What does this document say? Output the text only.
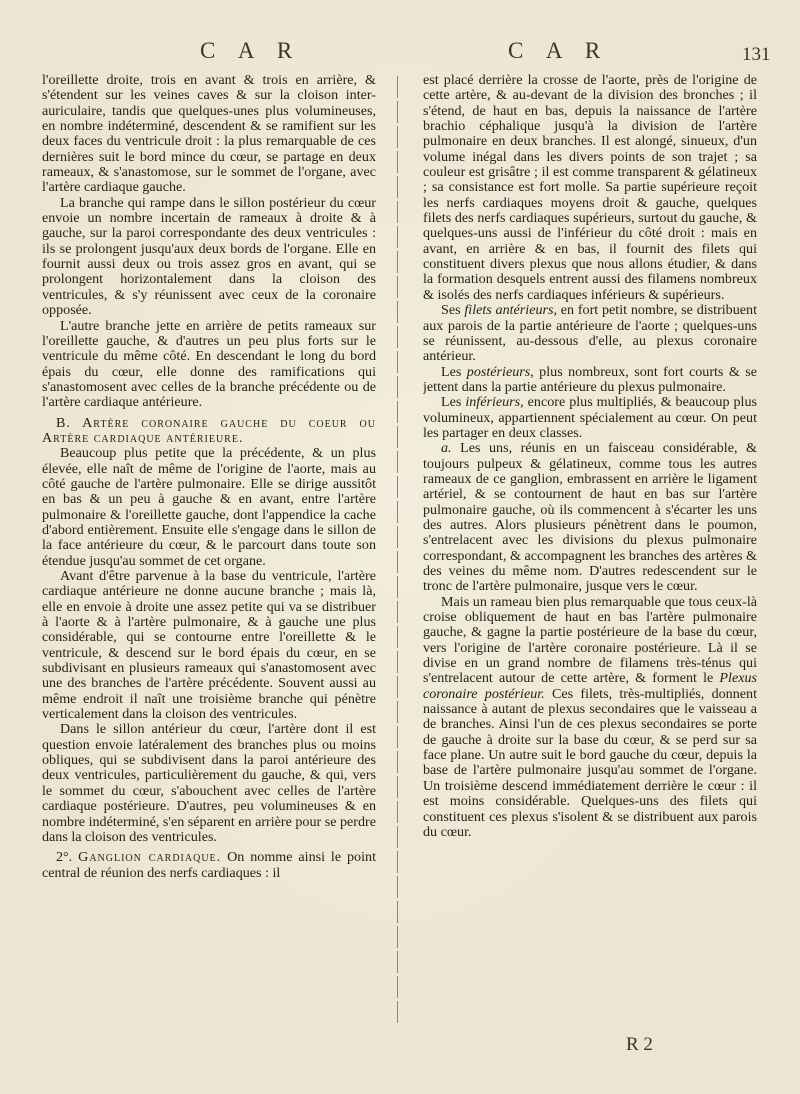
C A R	C A R	131

l'oreillette droite, trois en avant & trois en arrière, & s'étendent sur les veines caves & sur la cloison inter-auriculaire, tandis que quelques-unes plus volumineuses, en nombre indéterminé, descendent & se ramifient sur les deux faces du ventricule droit : la plus remarquable de ces dernières suit le bord mince du cœur, se partage en deux rameaux, & s'anastomose, sur le sommet de l'organe, avec l'artère cardiaque gauche.

La branche qui rampe dans le sillon postérieur du cœur envoie un nombre incertain de rameaux à droite & à gauche, sur la paroi correspondante des deux ventricules : ils se prolongent jusqu'aux deux bords de l'organe. Elle en fournit aussi deux ou trois assez gros en avant, qui se prolongent horizontalement dans la cloison des ventricules, & s'y réunissent avec ceux de la coronaire opposée.

L'autre branche jette en arrière de petits rameaux sur l'oreillette gauche, & d'autres un peu plus forts sur le ventricule du même côté. En descendant le long du bord épais du cœur, elle donne des ramifications qui s'anastomosent avec celles de la branche précédente ou de l'artère cardiaque antérieure.

B. Artère coronaire gauche du coeur ou Artère cardiaque antérieure.

Beaucoup plus petite que la précédente, & un plus élevée, elle naît de même de l'origine de l'aorte, mais au côté gauche de l'artère pulmonaire. Elle se dirige aussitôt en bas & un peu à gauche & en avant, entre l'artère pulmonaire & l'oreillette gauche, dont l'appendice la cache d'abord entièrement. Ensuite elle s'engage dans le sillon de la face antérieure du cœur, & le parcourt dans toute son étendue jusqu'au sommet de cet organe.

Avant d'être parvenue à la base du ventricule, l'artère cardiaque antérieure ne donne aucune branche ; mais là, elle en envoie à droite une assez petite qui va se distribuer à l'aorte & à l'artère pulmonaire, & à gauche une plus considérable, qui se contourne entre l'oreillette & le ventricule, & descend sur le bord épais du cœur, en se subdivisant en plusieurs rameaux qui s'anastomosent avec une des branches de l'artère précédente. Souvent aussi au même endroit il naît une troisième branche qui pénètre verticalement dans la cloison des ventricules.

Dans le sillon antérieur du cœur, l'artère dont il est question envoie latéralement des branches plus ou moins obliques, qui se subdivisent dans la paroi antérieure des deux ventricules, particulièrement du gauche, & qui, vers le sommet du cœur, s'abouchent avec celles de l'artère cardiaque postérieure. D'autres, peu volumineuses & en nombre indéterminé, s'en séparent en arrière pour se perdre dans la cloison des ventricules.

2°. Ganglion cardiaque. On nomme ainsi le point central de réunion des nerfs cardiaques : il

est placé derrière la crosse de l'aorte, près de l'origine de cette artère, & au-devant de la division des bronches ; il s'étend, de haut en bas, depuis la naissance de l'artère brachio céphalique jusqu'à la division de l'artère pulmonaire en deux branches. Il est alongé, sinueux, d'un volume inégal dans les divers points de son trajet ; sa couleur est grisâtre ; il est comme transparent & gélatineux ; sa consistance est fort molle. Sa partie supérieure reçoit les nerfs cardiaques moyens droit & gauche, quelques filets des nerfs cardiaques supérieurs, surtout du gauche, & quelques-uns aussi de l'inférieur du côté droit : mais en avant, en arrière & en bas, il fournit des filets qui constituent divers plexus que nous allons étudier, & dans la formation desquels entrent aussi des filamens nombreux & isolés des nerfs cardiaques inférieurs & supérieurs.

Ses filets antérieurs, en fort petit nombre, se distribuent aux parois de la partie antérieure de l'aorte ; quelques-uns se réunissent, au-dessous d'elle, au plexus coronaire antérieur.

Les postérieurs, plus nombreux, sont fort courts & se jettent dans la partie antérieure du plexus pulmonaire.

Les inférieurs, encore plus multipliés, & beaucoup plus volumineux, appartiennent spécialement au cœur. On peut les partager en deux classes.

a. Les uns, réunis en un faisceau considérable, & toujours pulpeux & gélatineux, comme tous les autres rameaux de ce ganglion, embrassent en arrière le ligament artériel, & se contournent de haut en bas sur l'artère pulmonaire gauche, où ils commencent à s'écarter les uns des autres. Alors plusieurs pénètrent dans le poumon, s'entrelacent avec les divisions du plexus pulmonaire correspondant, & accompagnent les branches des artères & des veines du même nom. D'autres redescendent sur le tronc de l'artère pulmonaire, jusque vers le cœur.

Mais un rameau bien plus remarquable que tous ceux-là croise obliquement de haut en bas l'artère pulmonaire gauche, & gagne la partie postérieure de la base du cœur, vers l'origine de l'artère coronaire postérieure. Là il se divise en un grand nombre de filamens très-ténus qui s'entrelacent autour de cette artère, & forment le Plexus coronaire postérieur. Ces filets, très-multipliés, donnent naissance à autant de plexus secondaires que le vaisseau a de branches. Ainsi l'un de ces plexus secondaires se porte de gauche à droite sur la base du cœur, & se perd sur sa face plane. Un autre suit le bord gauche du cœur, depuis la base de l'artère pulmonaire jusqu'au sommet de l'organe. Un troisième descend immédiatement derrière le cœur : il est moins considérable. Quelques-uns des filets qui constituent ces plexus s'isolent & se distribuent aux parois du cœur.

R 2
